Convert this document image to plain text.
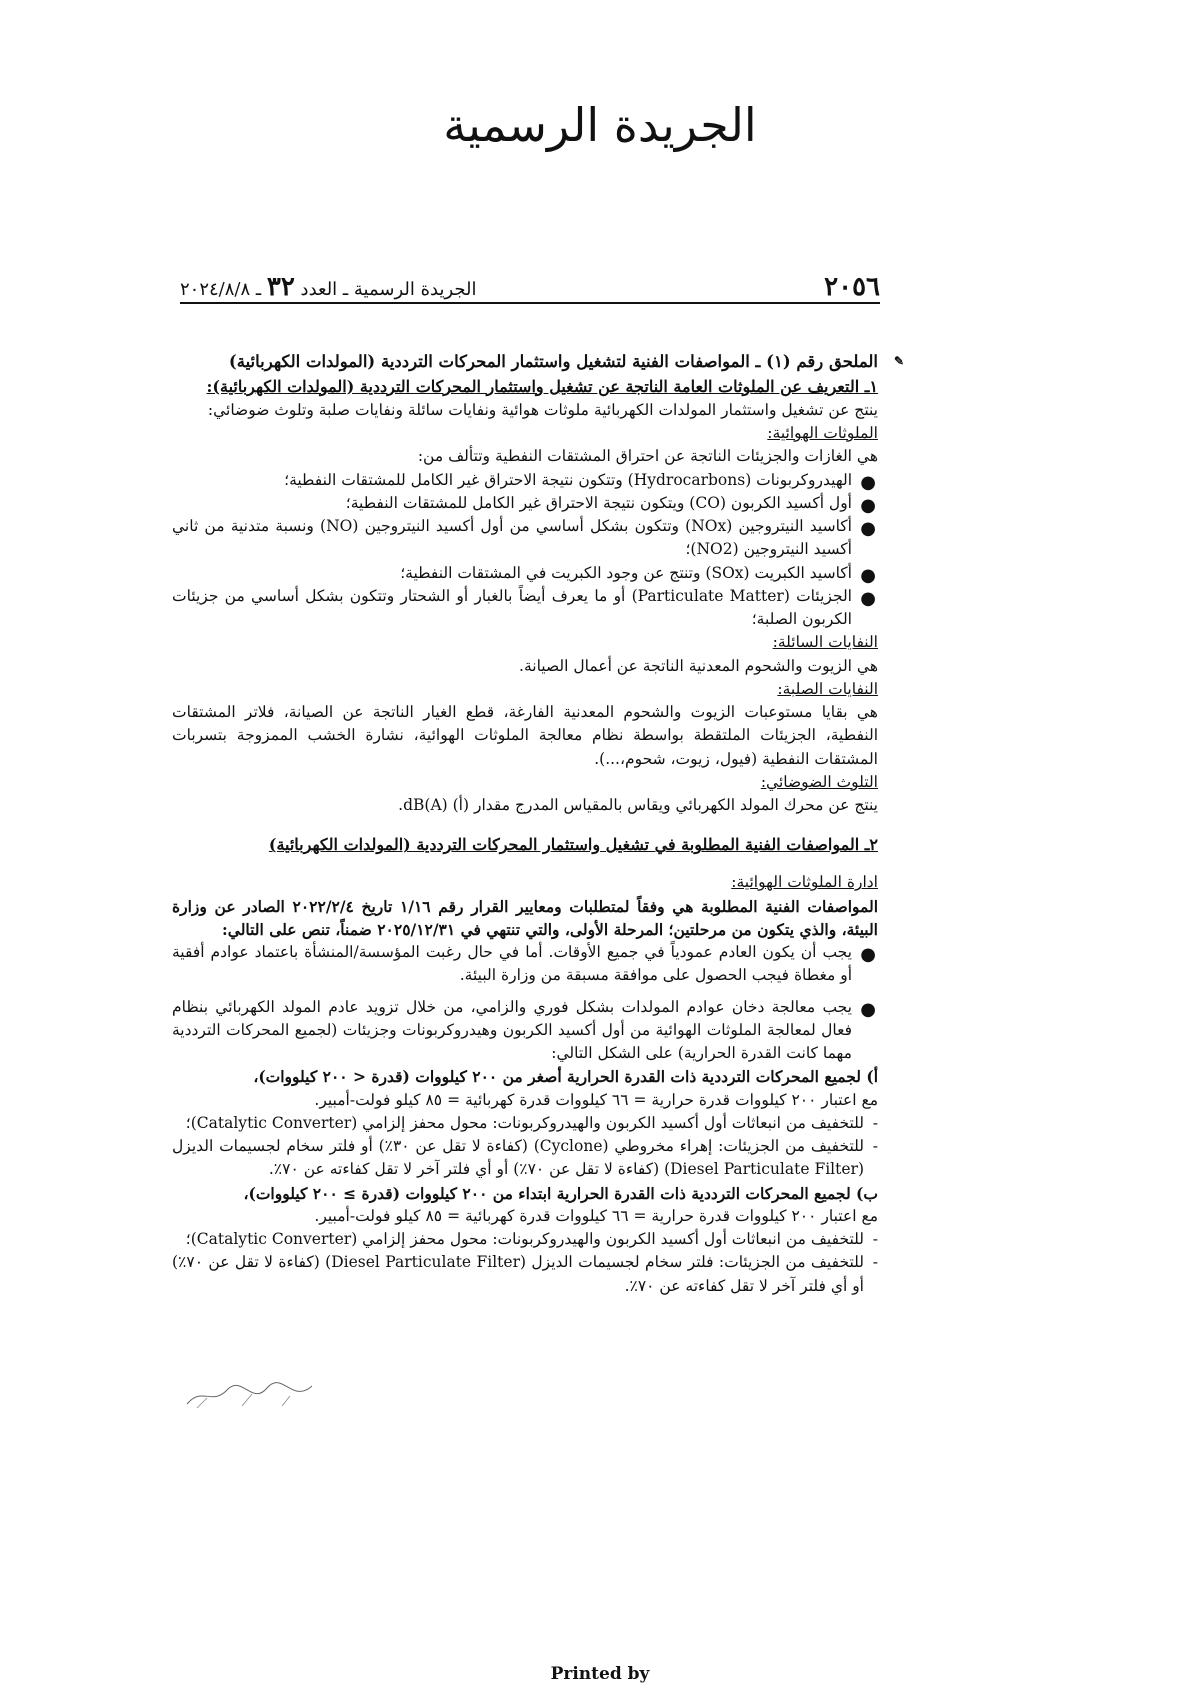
الجريدة الرسمية
٢٠٥٦
الجريدة الرسمية ـ العدد ٣٢ ـ ٢٠٢٤/٨/٨

✎
الملحق رقم (١) ـ المواصفات الفنية لتشغيل واستثمار المحركات الترددية (المولدات الكهربائية)

١ـ التعريف عن الملوثات العامة الناتجة عن تشغيل واستثمار المحركات الترددية (المولدات الكهربائية):

ينتج عن تشغيل واستثمار المولدات الكهربائية ملوثات هوائية ونفايات سائلة ونفايات صلبة وتلوث ضوضائي:

الملوثات الهوائية:

هي الغازات والجزيئات الناتجة عن احتراق المشتقات النفطية وتتألف من:

●
الهيدروكربونات (Hydrocarbons) وتتكون نتيجة الاحتراق غير الكامل للمشتقات النفطية؛
●
أول أكسيد الكربون (CO) ويتكون نتيجة الاحتراق غير الكامل للمشتقات النفطية؛
●
أكاسيد النيتروجين (NOx) وتتكون بشكل أساسي من أول أكسيد النيتروجين (NO) ونسبة متدنية من ثاني أكسيد النيتروجين (NO2)؛
●
أكاسيد الكبريت (SOx) وتنتج عن وجود الكبريت في المشتقات النفطية؛
●
الجزيئات (Particulate Matter) أو ما يعرف أيضاً بالغبار أو الشحتار وتتكون بشكل أساسي من جزيئات الكربون الصلبة؛

النفايات السائلة:

هي الزيوت والشحوم المعدنية الناتجة عن أعمال الصيانة.

النفايات الصلبة:

هي بقايا مستوعبات الزيوت والشحوم المعدنية الفارغة، قطع الغيار الناتجة عن الصيانة، فلاتر المشتقات النفطية، الجزيئات الملتقطة بواسطة نظام معالجة الملوثات الهوائية، نشارة الخشب الممزوجة بتسربات المشتقات النفطية (فيول، زيوت، شحوم،...).

التلوث الضوضائي:

ينتج عن محرك المولد الكهربائي ويقاس بالمقياس المدرج مقدار (أ) dB(A).

٢ـ المواصفات الفنية المطلوبة في تشغيل واستثمار المحركات الترددية (المولدات الكهربائية)

ادارة الملوثات الهوائية:

المواصفات الفنية المطلوبة هي وفقاً لمتطلبات ومعايير القرار رقم ١/١٦ تاريخ ٢٠٢٢/٢/٤ الصادر عن وزارة البيئة، والذي يتكون من مرحلتين؛ المرحلة الأولى، والتي تنتهي في ٢٠٢٥/١٢/٣١ ضمناً، تنص على التالي:

●
يجب أن يكون العادم عمودياً في جميع الأوقات. أما في حال رغبت المؤسسة/المنشأة باعتماد عوادم أفقية أو مغطاة فيجب الحصول على موافقة مسبقة من وزارة البيئة.
●
يجب معالجة دخان عوادم المولدات بشكل فوري والزامي، من خلال تزويد عادم المولد الكهربائي بنظام فعال لمعالجة الملوثات الهوائية من أول أكسيد الكربون وهيدروكربونات وجزيئات (لجميع المحركات الترددية مهما كانت القدرة الحرارية) على الشكل التالي:

أ) لجميع المحركات الترددية ذات القدرة الحرارية أصغر من ٢٠٠ كيلووات (قدرة < ٢٠٠ كيلووات)،

مع اعتبار ٢٠٠ كيلووات قدرة حرارية = ٦٦ كيلووات قدرة كهربائية = ٨٥ كيلو فولت-أمبير.

-
للتخفيف من انبعاثات أول أكسيد الكربون والهيدروكربونات: محول محفز إلزامي (Catalytic Converter)؛

-
للتخفيف من الجزيئات: إهراء مخروطي (Cyclone) (كفاءة لا تقل عن ٣٠٪) أو فلتر سخام لجسيمات الديزل (Diesel Particulate Filter) (كفاءة لا تقل عن ٧٠٪) أو أي فلتر آخر لا تقل كفاءته عن ٧٠٪.

ب) لجميع المحركات الترددية ذات القدرة الحرارية ابتداء من ٢٠٠ كيلووات (قدرة ≥ ٢٠٠ كيلووات)،

مع اعتبار ٢٠٠ كيلووات قدرة حرارية = ٦٦ كيلووات قدرة كهربائية = ٨٥ كيلو فولت-أمبير.

-
للتخفيف من انبعاثات أول أكسيد الكربون والهيدروكربونات: محول محفز إلزامي (Catalytic Converter)؛

-
للتخفيف من الجزيئات: فلتر سخام لجسيمات الديزل (Diesel Particulate Filter) (كفاءة لا تقل عن ٧٠٪) أو أي فلتر آخر لا تقل كفاءته عن ٧٠٪.

Printed by
